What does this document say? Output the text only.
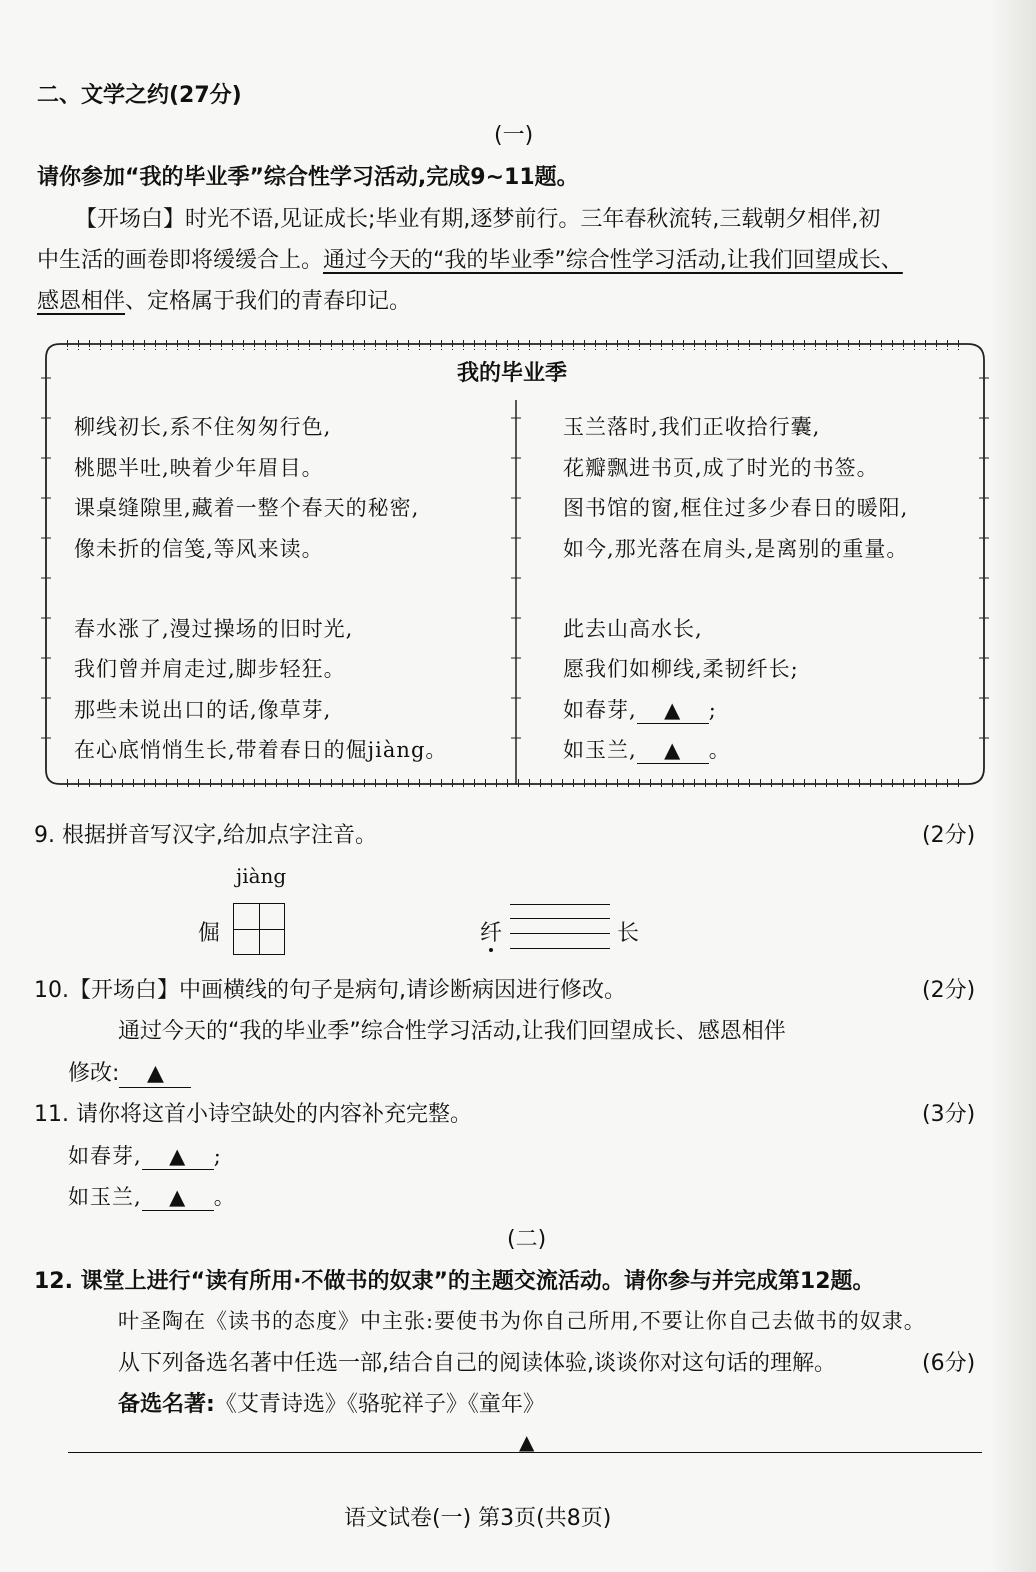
二、文学之约(27分)
(一)
请你参加“我的毕业季”综合性学习活动,完成9~11题。
【开场白】时光不语,见证成长;毕业有期,逐梦前行。三年春秋流转,三载朝夕相伴,初
中生活的画卷即将缓缓合上。通过今天的“我的毕业季”综合性学习活动,让我们回望成长、
感恩相伴、定格属于我们的青春印记。
我的毕业季
柳线初长,系不住匆匆行色,
桃腮半吐,映着少年眉目。
课桌缝隙里,藏着一整个春天的秘密,
像未折的信笺,等风来读。
春水涨了,漫过操场的旧时光,
我们曾并肩走过,脚步轻狂。
那些未说出口的话,像草芽,
在心底悄悄生长,带着春日的倔jiàng。
玉兰落时,我们正收拾行囊,
花瓣飘进书页,成了时光的书签。
图书馆的窗,框住过多少春日的暖阳,
如今,那光落在肩头,是离别的重量。
此去山高水长,
愿我们如柳线,柔韧纤长;
如春芽, ▲ ;
如玉兰, ▲ 。
9. 根据拼音写汉字,给加点字注音。	(2分)
jiàng
倔	纤	长
10.【开场白】中画横线的句子是病句,请诊断病因进行修改。	(2分)
通过今天的“我的毕业季”综合性学习活动,让我们回望成长、感恩相伴
修改: ▲
11. 请你将这首小诗空缺处的内容补充完整。	(3分)
如春芽, ▲ ;
如玉兰, ▲ 。
(二)
12. 课堂上进行“读有所用·不做书的奴隶”的主题交流活动。请你参与并完成第12题。
叶圣陶在《读书的态度》中主张:要使书为你自己所用,不要让你自己去做书的奴隶。
从下列备选名著中任选一部,结合自己的阅读体验,谈谈你对这句话的理解。	(6分)
备选名著:《艾青诗选》《骆驼祥子》《童年》
▲
语文试卷(一) 第3页(共8页)
